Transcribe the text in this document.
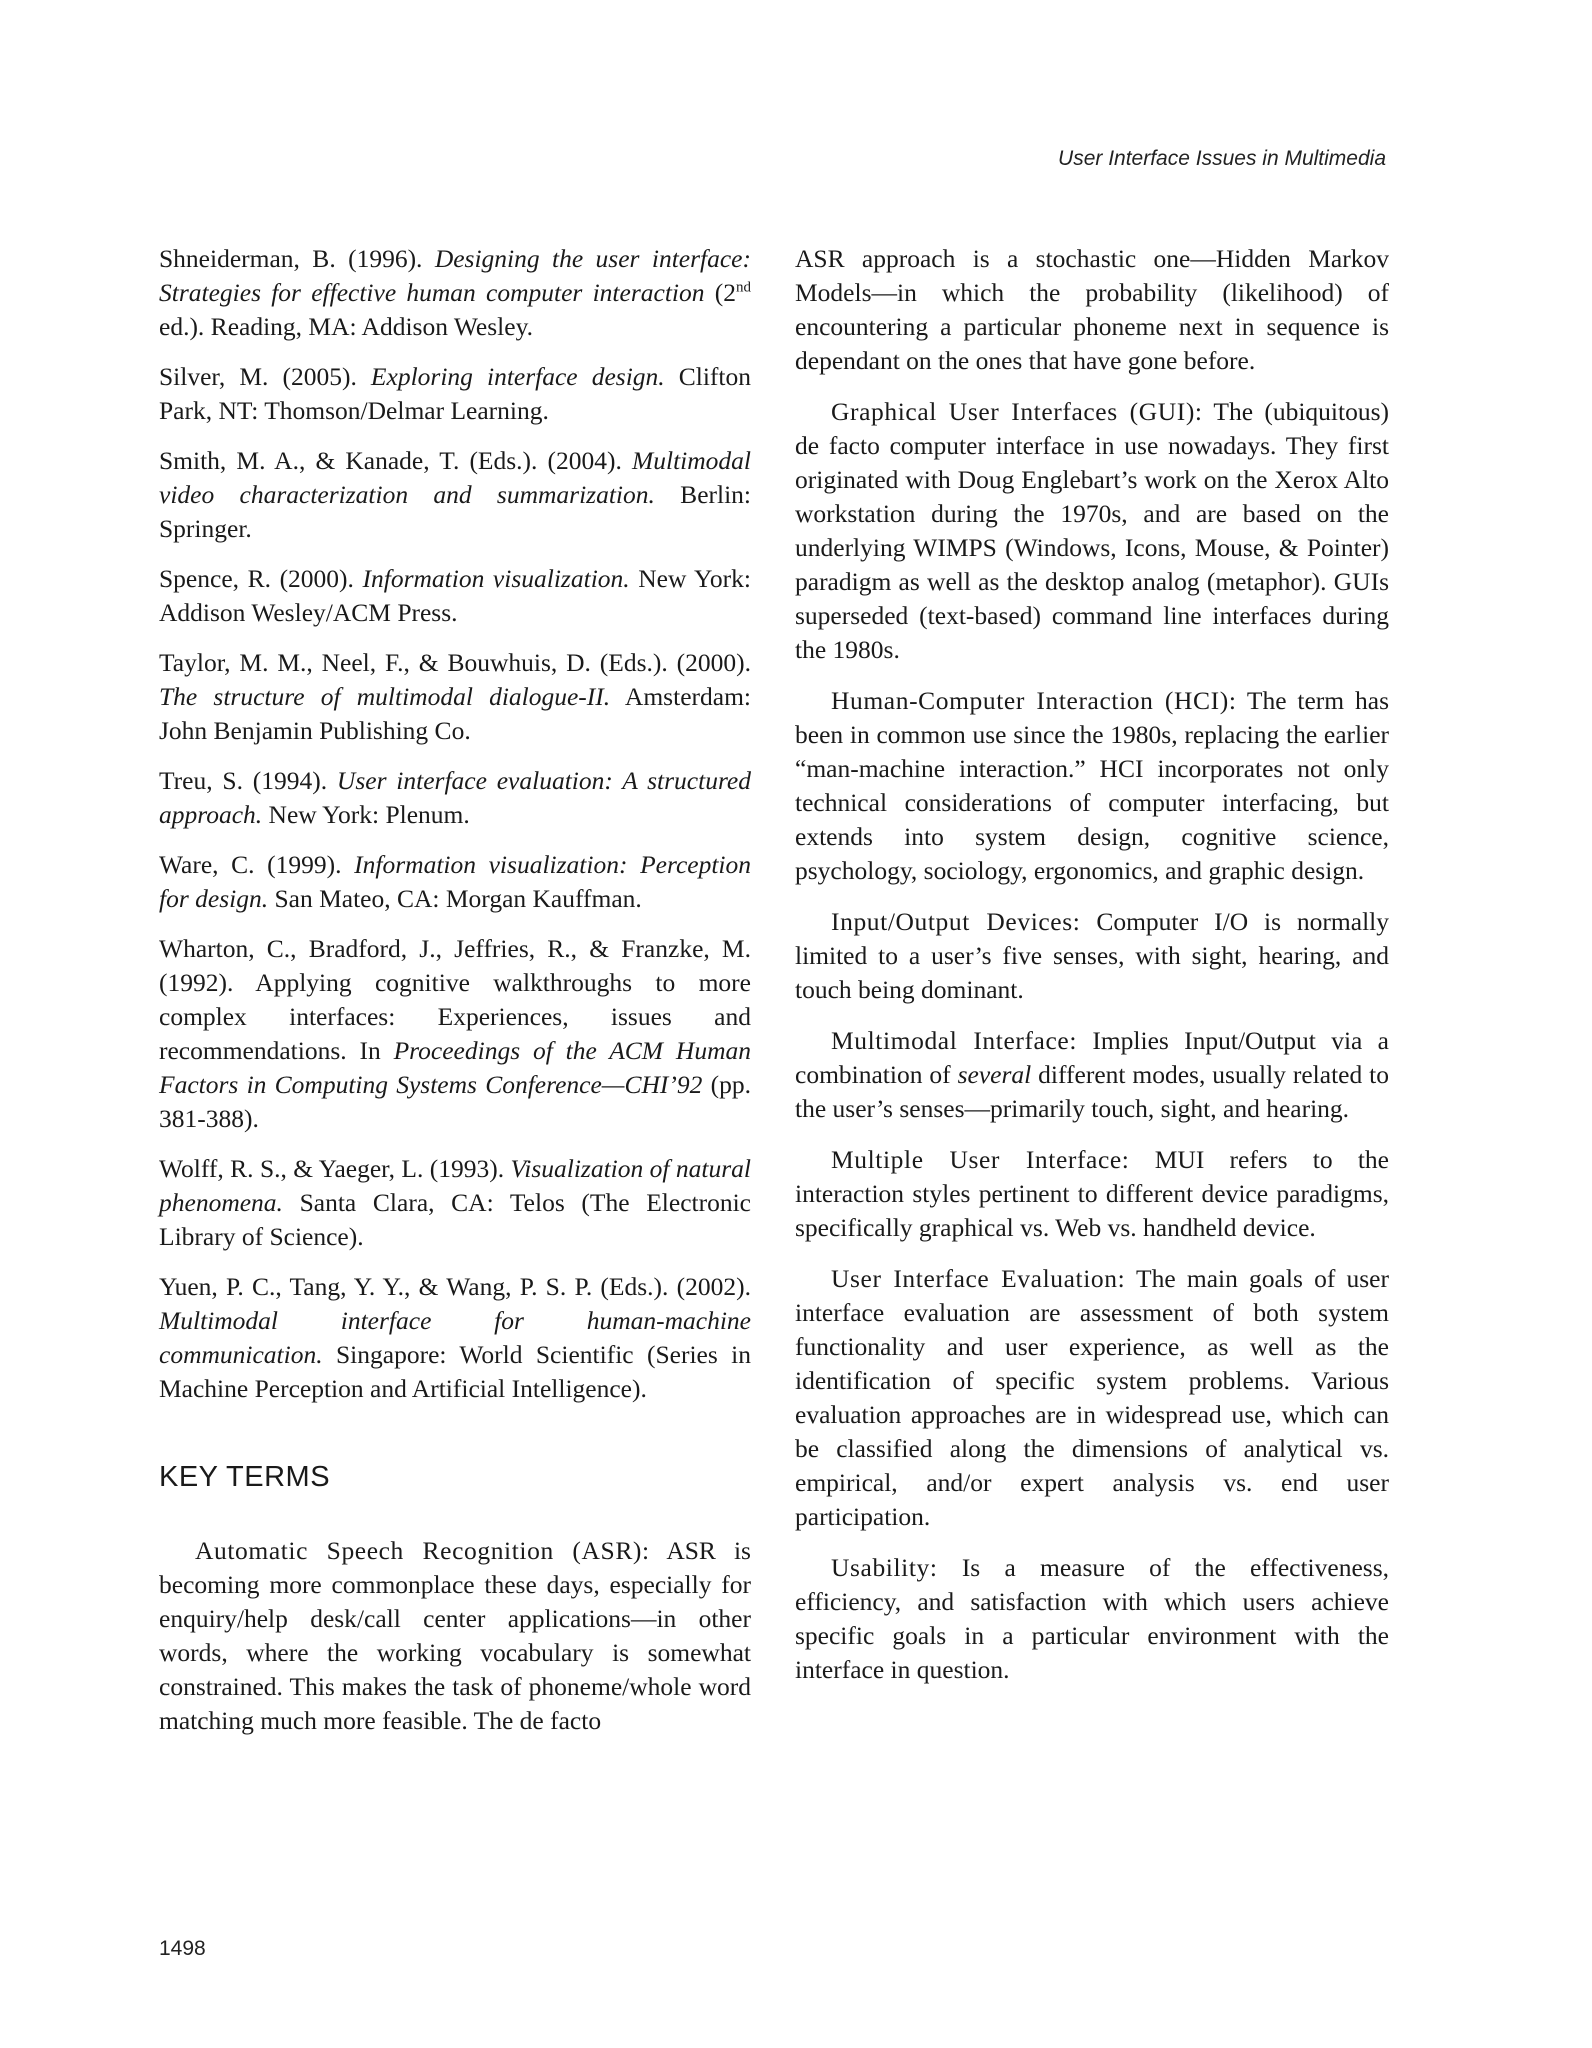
User Interface Issues in Multimedia

Shneiderman, B. (1996). Designing the user interface: Strategies for effective human computer interaction (2nd ed.). Reading, MA: Addison Wesley.

Silver, M. (2005). Exploring interface design. Clifton Park, NT: Thomson/Delmar Learning.

Smith, M. A., & Kanade, T. (Eds.). (2004). Multimodal video characterization and summarization. Berlin: Springer.

Spence, R. (2000). Information visualization. New York: Addison Wesley/ACM Press.

Taylor, M. M., Neel, F., & Bouwhuis, D. (Eds.). (2000). The structure of multimodal dialogue-II. Amsterdam: John Benjamin Publishing Co.

Treu, S. (1994). User interface evaluation: A structured approach. New York: Plenum.

Ware, C. (1999). Information visualization: Perception for design. San Mateo, CA: Morgan Kauffman.

Wharton, C., Bradford, J., Jeffries, R., & Franzke, M. (1992). Applying cognitive walkthroughs to more complex interfaces: Experiences, issues and recommendations. In Proceedings of the ACM Human Factors in Computing Systems Conference—CHI’92 (pp. 381-388).

Wolff, R. S., & Yaeger, L. (1993). Visualization of natural phenomena. Santa Clara, CA: Telos (The Electronic Library of Science).

Yuen, P. C., Tang, Y. Y., & Wang, P. S. P. (Eds.). (2002). Multimodal interface for human-machine communication. Singapore: World Scientific (Series in Machine Perception and Artificial Intelligence).

KEY TERMS

Automatic Speech Recognition (ASR): ASR is becoming more commonplace these days, especially for enquiry/help desk/call center applications—in other words, where the working vocabulary is somewhat constrained. This makes the task of phoneme/whole word matching much more feasible. The de facto

ASR approach is a stochastic one—Hidden Markov Models—in which the probability (likelihood) of encountering a particular phoneme next in sequence is dependant on the ones that have gone before.

Graphical User Interfaces (GUI): The (ubiquitous) de facto computer interface in use nowadays. They first originated with Doug Englebart’s work on the Xerox Alto workstation during the 1970s, and are based on the underlying WIMPS (Windows, Icons, Mouse, & Pointer) paradigm as well as the desktop analog (metaphor). GUIs superseded (text-based) command line interfaces during the 1980s.

Human-Computer Interaction (HCI): The term has been in common use since the 1980s, replacing the earlier “man-machine interaction.” HCI incorporates not only technical considerations of computer interfacing, but extends into system design, cognitive science, psychology, sociology, ergonomics, and graphic design.

Input/Output Devices: Computer I/O is normally limited to a user’s five senses, with sight, hearing, and touch being dominant.

Multimodal Interface: Implies Input/Output via a combination of several different modes, usually related to the user’s senses—primarily touch, sight, and hearing.

Multiple User Interface: MUI refers to the interaction styles pertinent to different device paradigms, specifically graphical vs. Web vs. handheld device.

User Interface Evaluation: The main goals of user interface evaluation are assessment of both system functionality and user experience, as well as the identification of specific system problems. Various evaluation approaches are in widespread use, which can be classified along the dimensions of analytical vs. empirical, and/or expert analysis vs. end user participation.

Usability: Is a measure of the effectiveness, efficiency, and satisfaction with which users achieve specific goals in a particular environment with the interface in question.

1498
